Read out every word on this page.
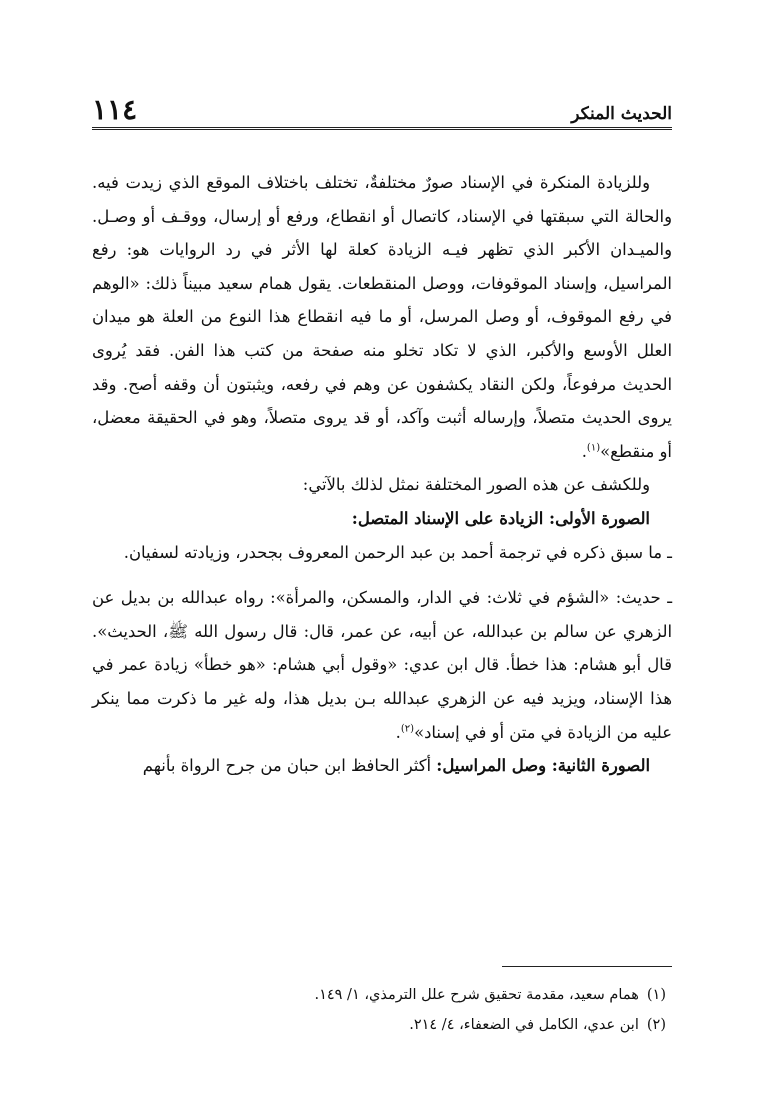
الحديث المنكر
١١٤

وللزيادة المنكرة في الإسناد صورٌ مختلفةٌ، تختلف باختلاف الموقع الذي زيدت فيه. والحالة التي سبقتها في الإسناد، كاتصال أو انقطاع، ورفع أو إرسال، ووقـف أو وصـل. والميـدان الأكبر الذي تظهر فيـه الزيادة كعلة لها الأثر في رد الروايات هو: رفع المراسيل، وإسناد الموقوفات، ووصل المنقطعات. يقول همام سعيد مبيناً ذلك: «الوهم في رفع الموقوف، أو وصل المرسل، أو ما فيه انقطاع هذا النوع من العلة هو ميدان العلل الأوسع والأكبر، الذي لا تكاد تخلو منه صفحة من كتب هذا الفن. فقد يُروى الحديث مرفوعاً، ولكن النقاد يكشفون عن وهم في رفعه، ويثبتون أن وقفه أصح. وقد يروى الحديث متصلاً، وإرساله أثبت وآكد، أو قد يروى متصلاً، وهو في الحقيقة معضل، أو منقطع»$^{(١)}$.

وللكشف عن هذه الصور المختلفة نمثل لذلك بالآتي:

الصورة الأولى: الزيادة على الإسناد المتصل:

ـ ما سبق ذكره في ترجمة أحمد بن عبد الرحمن المعروف بجحدر، وزيادته لسفيان.

ـ حديث: «الشؤم في ثلاث: في الدار، والمسكن، والمرأة»: رواه عبدالله بن بديل عن الزهري عن سالم بن عبدالله، عن أبيه، عن عمر، قال: قال رسول الله ﷺ، الحديث». قال أبو هشام: هذا خطأ. قال ابن عدي: «وقول أبي هشام: «هو خطأ» زيادة عمر في هذا الإسناد، ويزيد فيه عن الزهري عبدالله بـن بديل هذا، وله غير ما ذكرت مما ينكر عليه من الزيادة في متن أو في إسناد»$^{(٢)}$.

الصورة الثانية: وصل المراسيل: أكثر الحافظ ابن حبان من جرح الرواة بأنهم

(١)همام سعيد، مقدمة تحقيق شرح علل الترمذي، ١/ ١٤٩.

(٢)ابن عدي، الكامل في الضعفاء، ٤/ ٢١٤.
